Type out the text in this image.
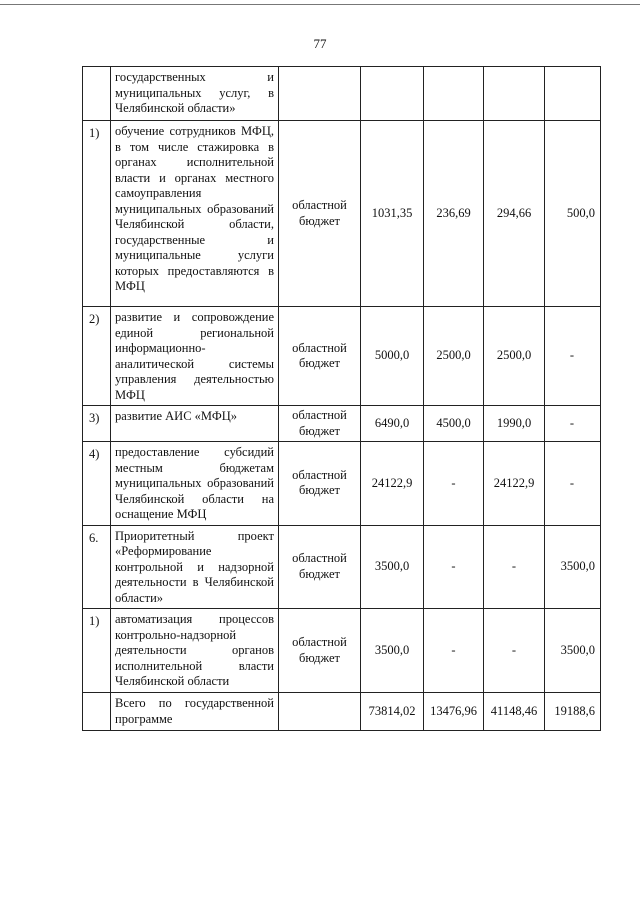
77
	государственных и муниципальных услуг, в Челябинской области»					
1)	обучение сотрудников МФЦ, в том числе стажировка в органах исполнительной власти и органах местного самоуправления муниципальных образований Челябинской области, государственные и муниципальные услуги которых предоставляются в МФЦ	областной бюджет	1031,35	236,69	294,66	500,0
2)	развитие и сопровождение единой региональной информационно-аналитической системы управления деятельностью МФЦ	областной бюджет	5000,0	2500,0	2500,0	-
3)	развитие АИС «МФЦ»	областной бюджет	6490,0	4500,0	1990,0	-
4)	предоставление субсидий местным бюджетам муниципальных образований Челябинской области на оснащение МФЦ	областной бюджет	24122,9	-	24122,9	-
6.	Приоритетный проект «Реформирование контрольной и надзорной деятельности в Челябинской области»	областной бюджет	3500,0	-	-	3500,0
1)	автоматизация процессов контрольно-надзорной деятельности органов исполнительной власти Челябинской области	областной бюджет	3500,0	-	-	3500,0
	Всего по государственной программе		73814,02	13476,96	41148,46	19188,6
